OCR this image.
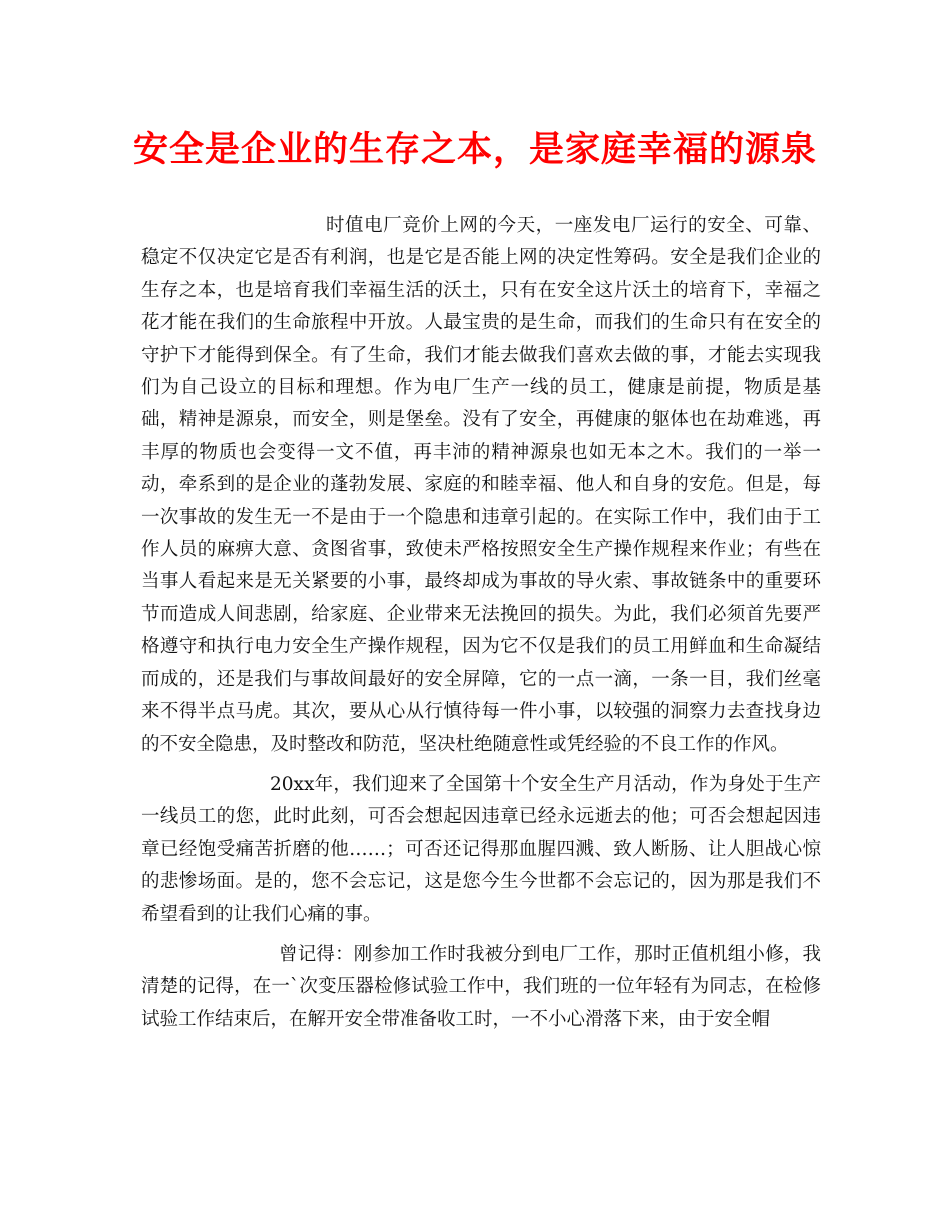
安全是企业的生存之本，是家庭幸福的源泉

时值电厂竞价上网的今天，一座发电厂运行的安全、可靠、稳定不仅决定它是否有利润，也是它是否能上网的决定性筹码。安全是我们企业的生存之本，也是培育我们幸福生活的沃土，只有在安全这片沃土的培育下，幸福之花才能在我们的生命旅程中开放。人最宝贵的是生命，而我们的生命只有在安全的守护下才能得到保全。有了生命，我们才能去做我们喜欢去做的事，才能去实现我们为自己设立的目标和理想。作为电厂生产一线的员工，健康是前提，物质是基础，精神是源泉，而安全，则是堡垒。没有了安全，再健康的躯体也在劫难逃，再丰厚的物质也会变得一文不值，再丰沛的精神源泉也如无本之木。我们的一举一动，牵系到的是企业的蓬勃发展、家庭的和睦幸福、他人和自身的安危。但是，每一次事故的发生无一不是由于一个隐患和违章引起的。在实际工作中，我们由于工作人员的麻痹大意、贪图省事，致使未严格按照安全生产操作规程来作业；有些在当事人看起来是无关紧要的小事，最终却成为事故的导火索、事故链条中的重要环节而造成人间悲剧，给家庭、企业带来无法挽回的损失。为此，我们必须首先要严格遵守和执行电力安全生产操作规程，因为它不仅是我们的员工用鲜血和生命凝结而成的，还是我们与事故间最好的安全屏障，它的一点一滴，一条一目，我们丝毫来不得半点马虎。其次，要从心从行慎待每一件小事，以较强的洞察力去查找身边的不安全隐患，及时整改和防范，坚决杜绝随意性或凭经验的不良工作的作风。

20xx年，我们迎来了全国第十个安全生产月活动，作为身处于生产一线员工的您，此时此刻，可否会想起因违章已经永远逝去的他；可否会想起因违章已经饱受痛苦折磨的他……；可否还记得那血腥四溅、致人断肠、让人胆战心惊的悲惨场面。是的，您不会忘记，这是您今生今世都不会忘记的，因为那是我们不希望看到的让我们心痛的事。

曾记得：刚参加工作时我被分到电厂工作，那时正值机组小修，我清楚的记得，在一`次变压器检修试验工作中，我们班的一位年轻有为同志，在检修试验工作结束后，在解开安全带准备收工时，一不小心滑落下来，由于安全帽
